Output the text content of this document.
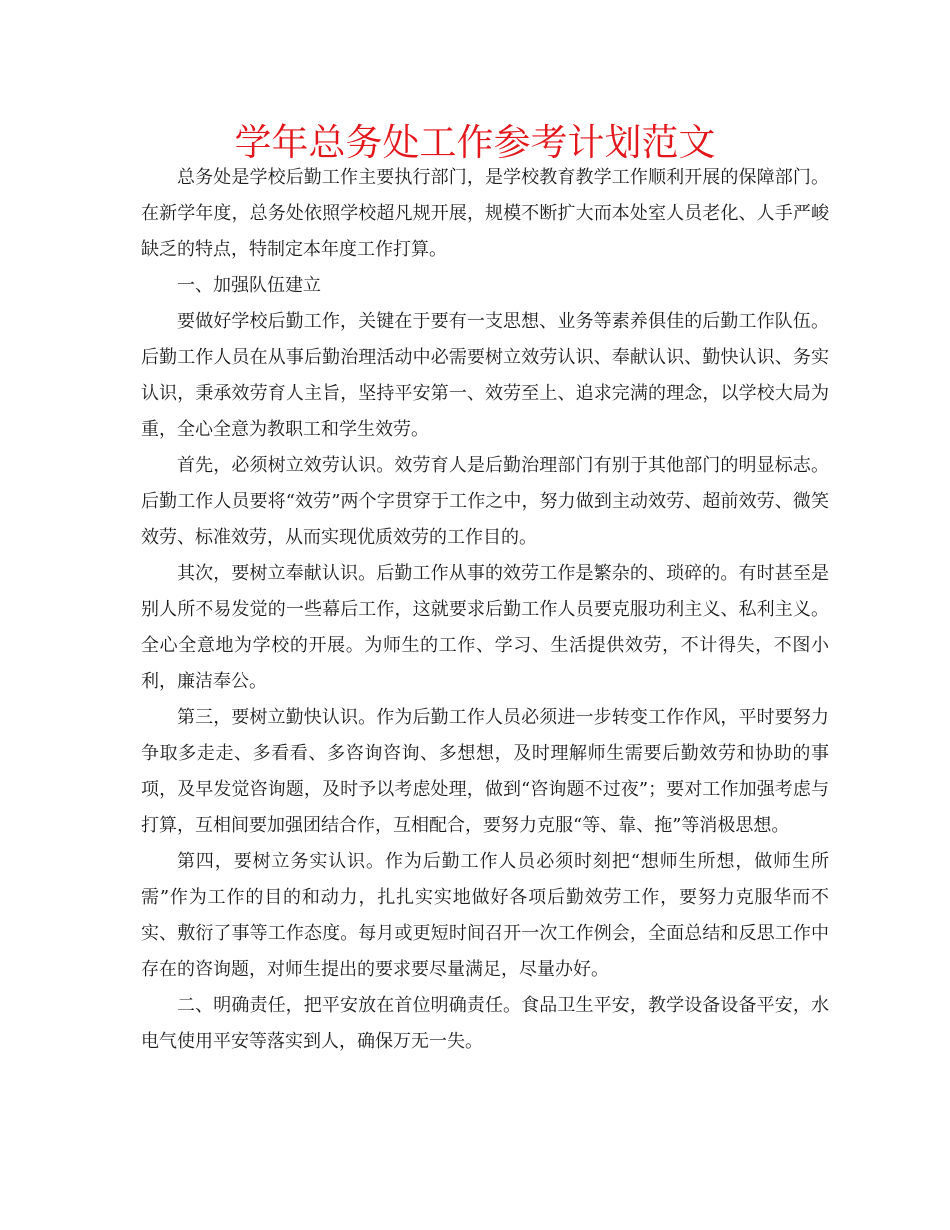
学年总务处工作参考计划范文

总务处是学校后勤工作主要执行部门，是学校教育教学工作顺利开展的保障部门。在新学年度，总务处依照学校超凡规开展，规模不断扩大而本处室人员老化、人手严峻缺乏的特点，特制定本年度工作打算。

一、加强队伍建立

要做好学校后勤工作，关键在于要有一支思想、业务等素养俱佳的后勤工作队伍。后勤工作人员在从事后勤治理活动中必需要树立效劳认识、奉献认识、勤快认识、务实认识，秉承效劳育人主旨，坚持平安第一、效劳至上、追求完满的理念，以学校大局为重，全心全意为教职工和学生效劳。

首先，必须树立效劳认识。效劳育人是后勤治理部门有别于其他部门的明显标志。后勤工作人员要将“效劳”两个字贯穿于工作之中，努力做到主动效劳、超前效劳、微笑效劳、标准效劳，从而实现优质效劳的工作目的。

其次，要树立奉献认识。后勤工作从事的效劳工作是繁杂的、琐碎的。有时甚至是别人所不易发觉的一些幕后工作，这就要求后勤工作人员要克服功利主义、私利主义。全心全意地为学校的开展。为师生的工作、学习、生活提供效劳，不计得失，不图小利，廉洁奉公。

第三，要树立勤快认识。作为后勤工作人员必须进一步转变工作作风，平时要努力争取多走走、多看看、多咨询咨询、多想想，及时理解师生需要后勤效劳和协助的事项，及早发觉咨询题，及时予以考虑处理，做到“咨询题不过夜”；要对工作加强考虑与打算，互相间要加强团结合作，互相配合，要努力克服“等、靠、拖”等消极思想。

第四，要树立务实认识。作为后勤工作人员必须时刻把“想师生所想，做师生所需”作为工作的目的和动力，扎扎实实地做好各项后勤效劳工作，要努力克服华而不实、敷衍了事等工作态度。每月或更短时间召开一次工作例会，全面总结和反思工作中存在的咨询题，对师生提出的要求要尽量满足，尽量办好。

二、明确责任，把平安放在首位明确责任。食品卫生平安，教学设备设备平安，水电气使用平安等落实到人，确保万无一失。
